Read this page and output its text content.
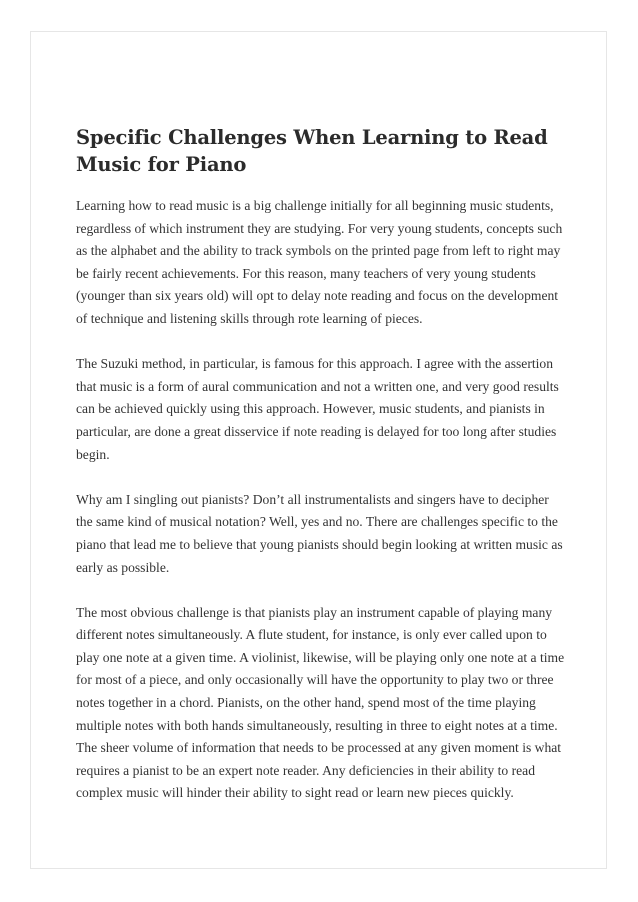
Specific Challenges When Learning to Read Music for Piano

Learning how to read music is a big challenge initially for all beginning music students, regardless of which instrument they are studying. For very young students, concepts such as the alphabet and the ability to track symbols on the printed page from left to right may be fairly recent achievements. For this reason, many teachers of very young students (younger than six years old) will opt to delay note reading and focus on the development of technique and listening skills through rote learning of pieces.

The Suzuki method, in particular, is famous for this approach. I agree with the assertion that music is a form of aural communication and not a written one, and very good results can be achieved quickly using this approach. However, music students, and pianists in particular, are done a great disservice if note reading is delayed for too long after studies begin.

Why am I singling out pianists? Don’t all instrumentalists and singers have to decipher the same kind of musical notation? Well, yes and no. There are challenges specific to the piano that lead me to believe that young pianists should begin looking at written music as early as possible.

The most obvious challenge is that pianists play an instrument capable of playing many different notes simultaneously. A flute student, for instance, is only ever called upon to play one note at a given time. A violinist, likewise, will be playing only one note at a time for most of a piece, and only occasionally will have the opportunity to play two or three notes together in a chord. Pianists, on the other hand, spend most of the time playing multiple notes with both hands simultaneously, resulting in three to eight notes at a time. The sheer volume of information that needs to be processed at any given moment is what requires a pianist to be an expert note reader. Any deficiencies in their ability to read complex music will hinder their ability to sight read or learn new pieces quickly.
